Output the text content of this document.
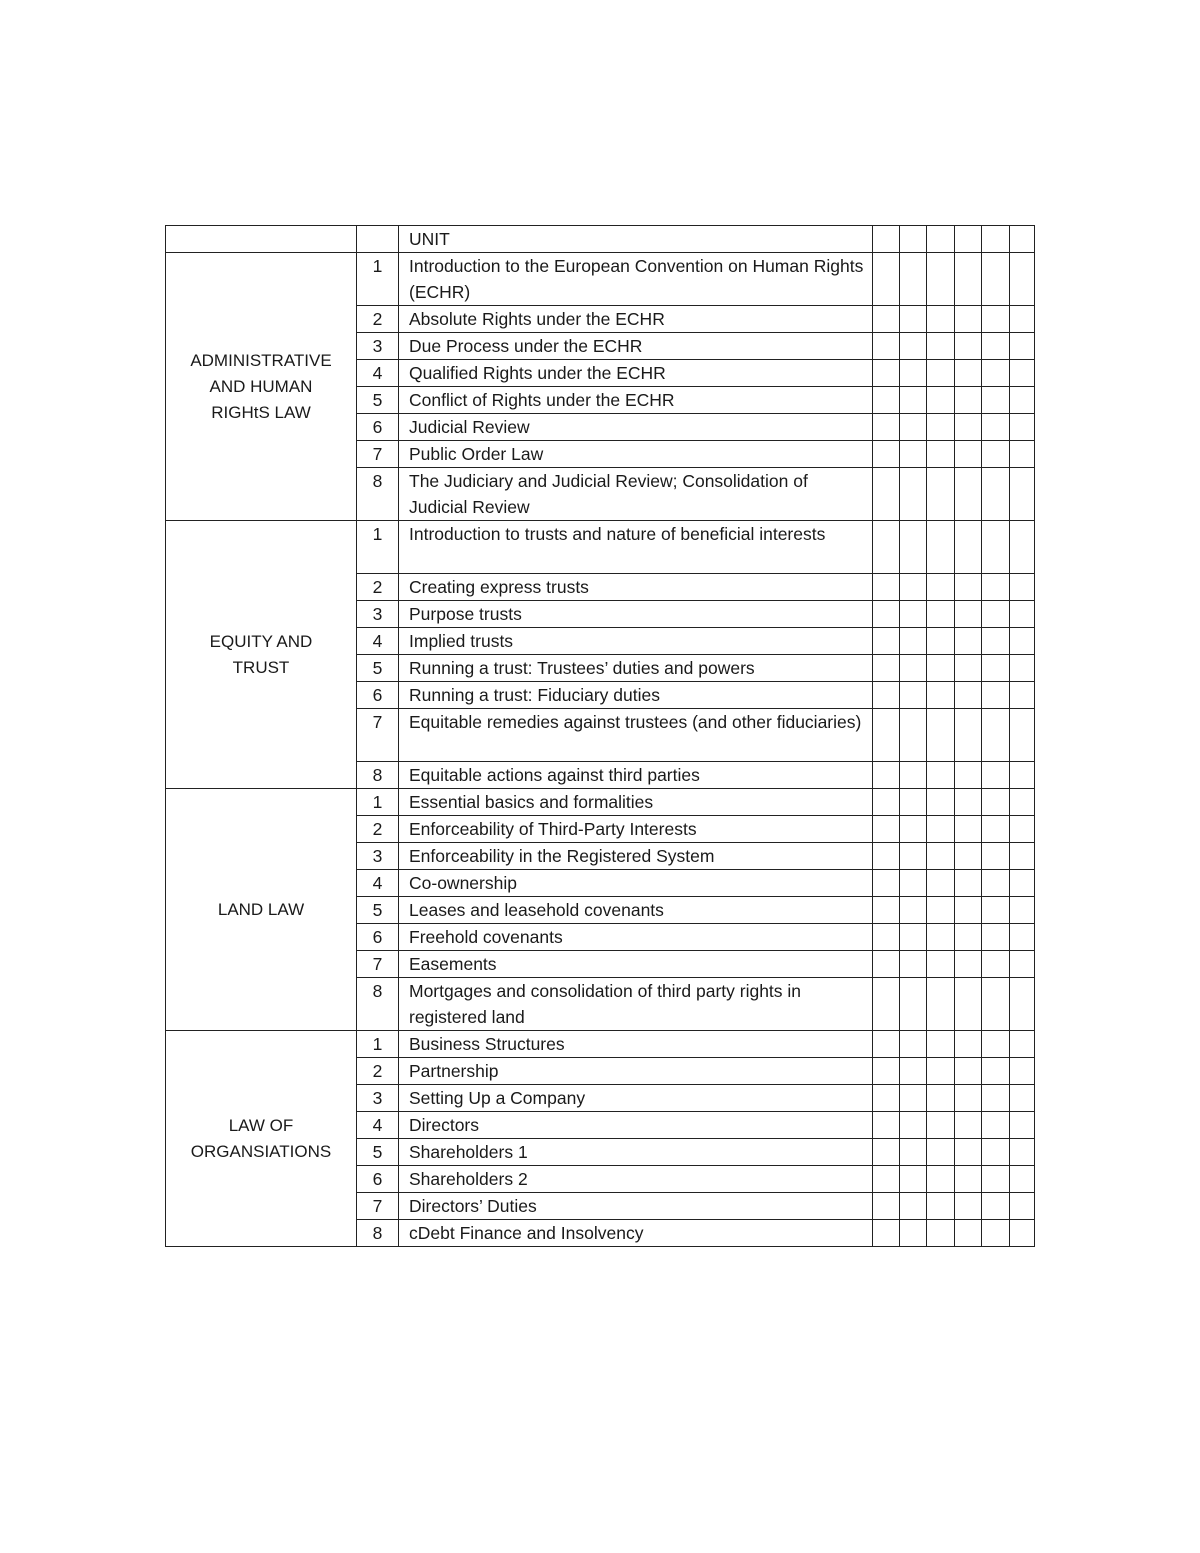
		UNIT						

ADMINISTRATIVE
AND HUMAN
RIGHtS LAW	1	Introduction to the European Convention on Human Rights (ECHR)						
	2	Absolute Rights under the ECHR						
	3	Due Process under the ECHR						
	4	Qualified Rights under the ECHR						
	5	Conflict of Rights under the ECHR						
	6	Judicial Review						
	7	Public Order Law						
	8	The Judiciary and Judicial Review; Consolidation of Judicial Review						

EQUITY AND
TRUST	1	Introduction to trusts and nature of beneficial interests						
	2	Creating express trusts						
	3	Purpose trusts						
	4	Implied trusts						
	5	Running a trust: Trustees’ duties and powers						
	6	Running a trust: Fiduciary duties						
	7	Equitable remedies against trustees (and other fiduciaries)						
	8	Equitable actions against third parties						

LAND LAW	1	Essential basics and formalities						
	2	Enforceability of Third-Party Interests						
	3	Enforceability in the Registered System						
	4	Co-ownership						
	5	Leases and leasehold covenants						
	6	Freehold covenants						
	7	Easements						
	8	Mortgages and consolidation of third party rights in registered land						

LAW OF
ORGANSIATIONS	1	Business Structures						
	2	Partnership						
	3	Setting Up a Company						
	4	Directors						
	5	Shareholders 1						
	6	Shareholders 2						
	7	Directors’ Duties						
	8	cDebt Finance and Insolvency						
